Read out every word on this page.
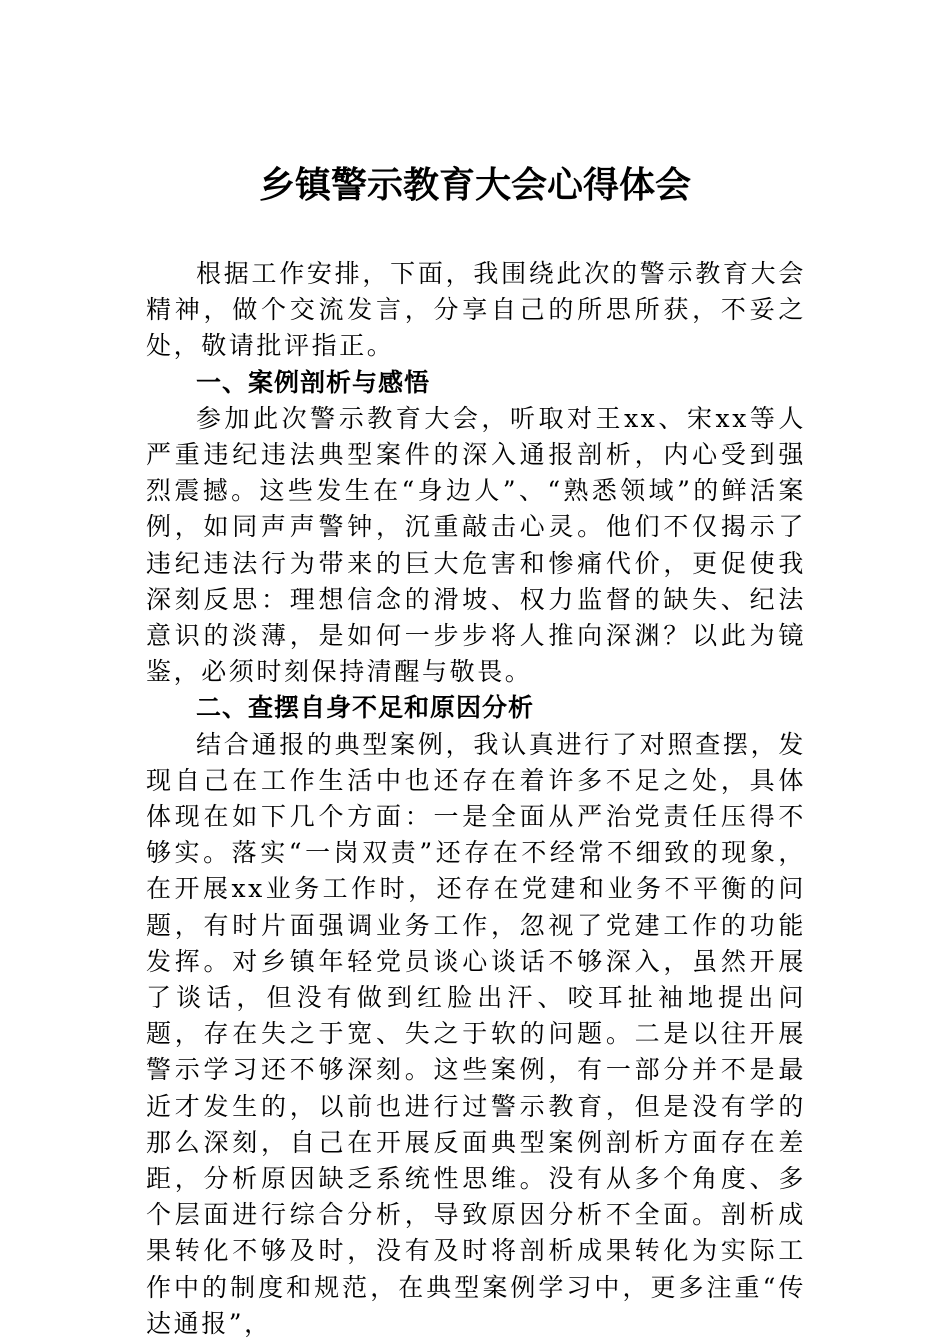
乡镇警示教育大会心得体会

根据工作安排，下面，我围绕此次的警示教育大会精神，做个交流发言，分享自己的所思所获，不妥之处，敬请批评指正。

一、案例剖析与感悟

参加此次警示教育大会，听取对王xx、宋xx等人严重违纪违法典型案件的深入通报剖析，内心受到强烈震撼。这些发生在“身边人”、“熟悉领域”的鲜活案例，如同声声警钟，沉重敲击心灵。他们不仅揭示了违纪违法行为带来的巨大危害和惨痛代价，更促使我深刻反思：理想信念的滑坡、权力监督的缺失、纪法意识的淡薄，是如何一步步将人推向深渊？以此为镜鉴，必须时刻保持清醒与敬畏。

二、查摆自身不足和原因分析

结合通报的典型案例，我认真进行了对照查摆，发现自己在工作生活中也还存在着许多不足之处，具体体现在如下几个方面：一是全面从严治党责任压得不够实。落实“一岗双责”还存在不经常不细致的现象，在开展xx业务工作时，还存在党建和业务不平衡的问题，有时片面强调业务工作，忽视了党建工作的功能发挥。对乡镇年轻党员谈心谈话不够深入，虽然开展了谈话，但没有做到红脸出汗、咬耳扯袖地提出问题，存在失之于宽、失之于软的问题。二是以往开展警示学习还不够深刻。这些案例，有一部分并不是最近才发生的，以前也进行过警示教育，但是没有学的那么深刻，自己在开展反面典型案例剖析方面存在差距，分析原因缺乏系统性思维。没有从多个角度、多个层面进行综合分析，导致原因分析不全面。剖析成果转化不够及时，没有及时将剖析成果转化为实际工作中的制度和规范，在典型案例学习中，更多注重“传达通报”，
